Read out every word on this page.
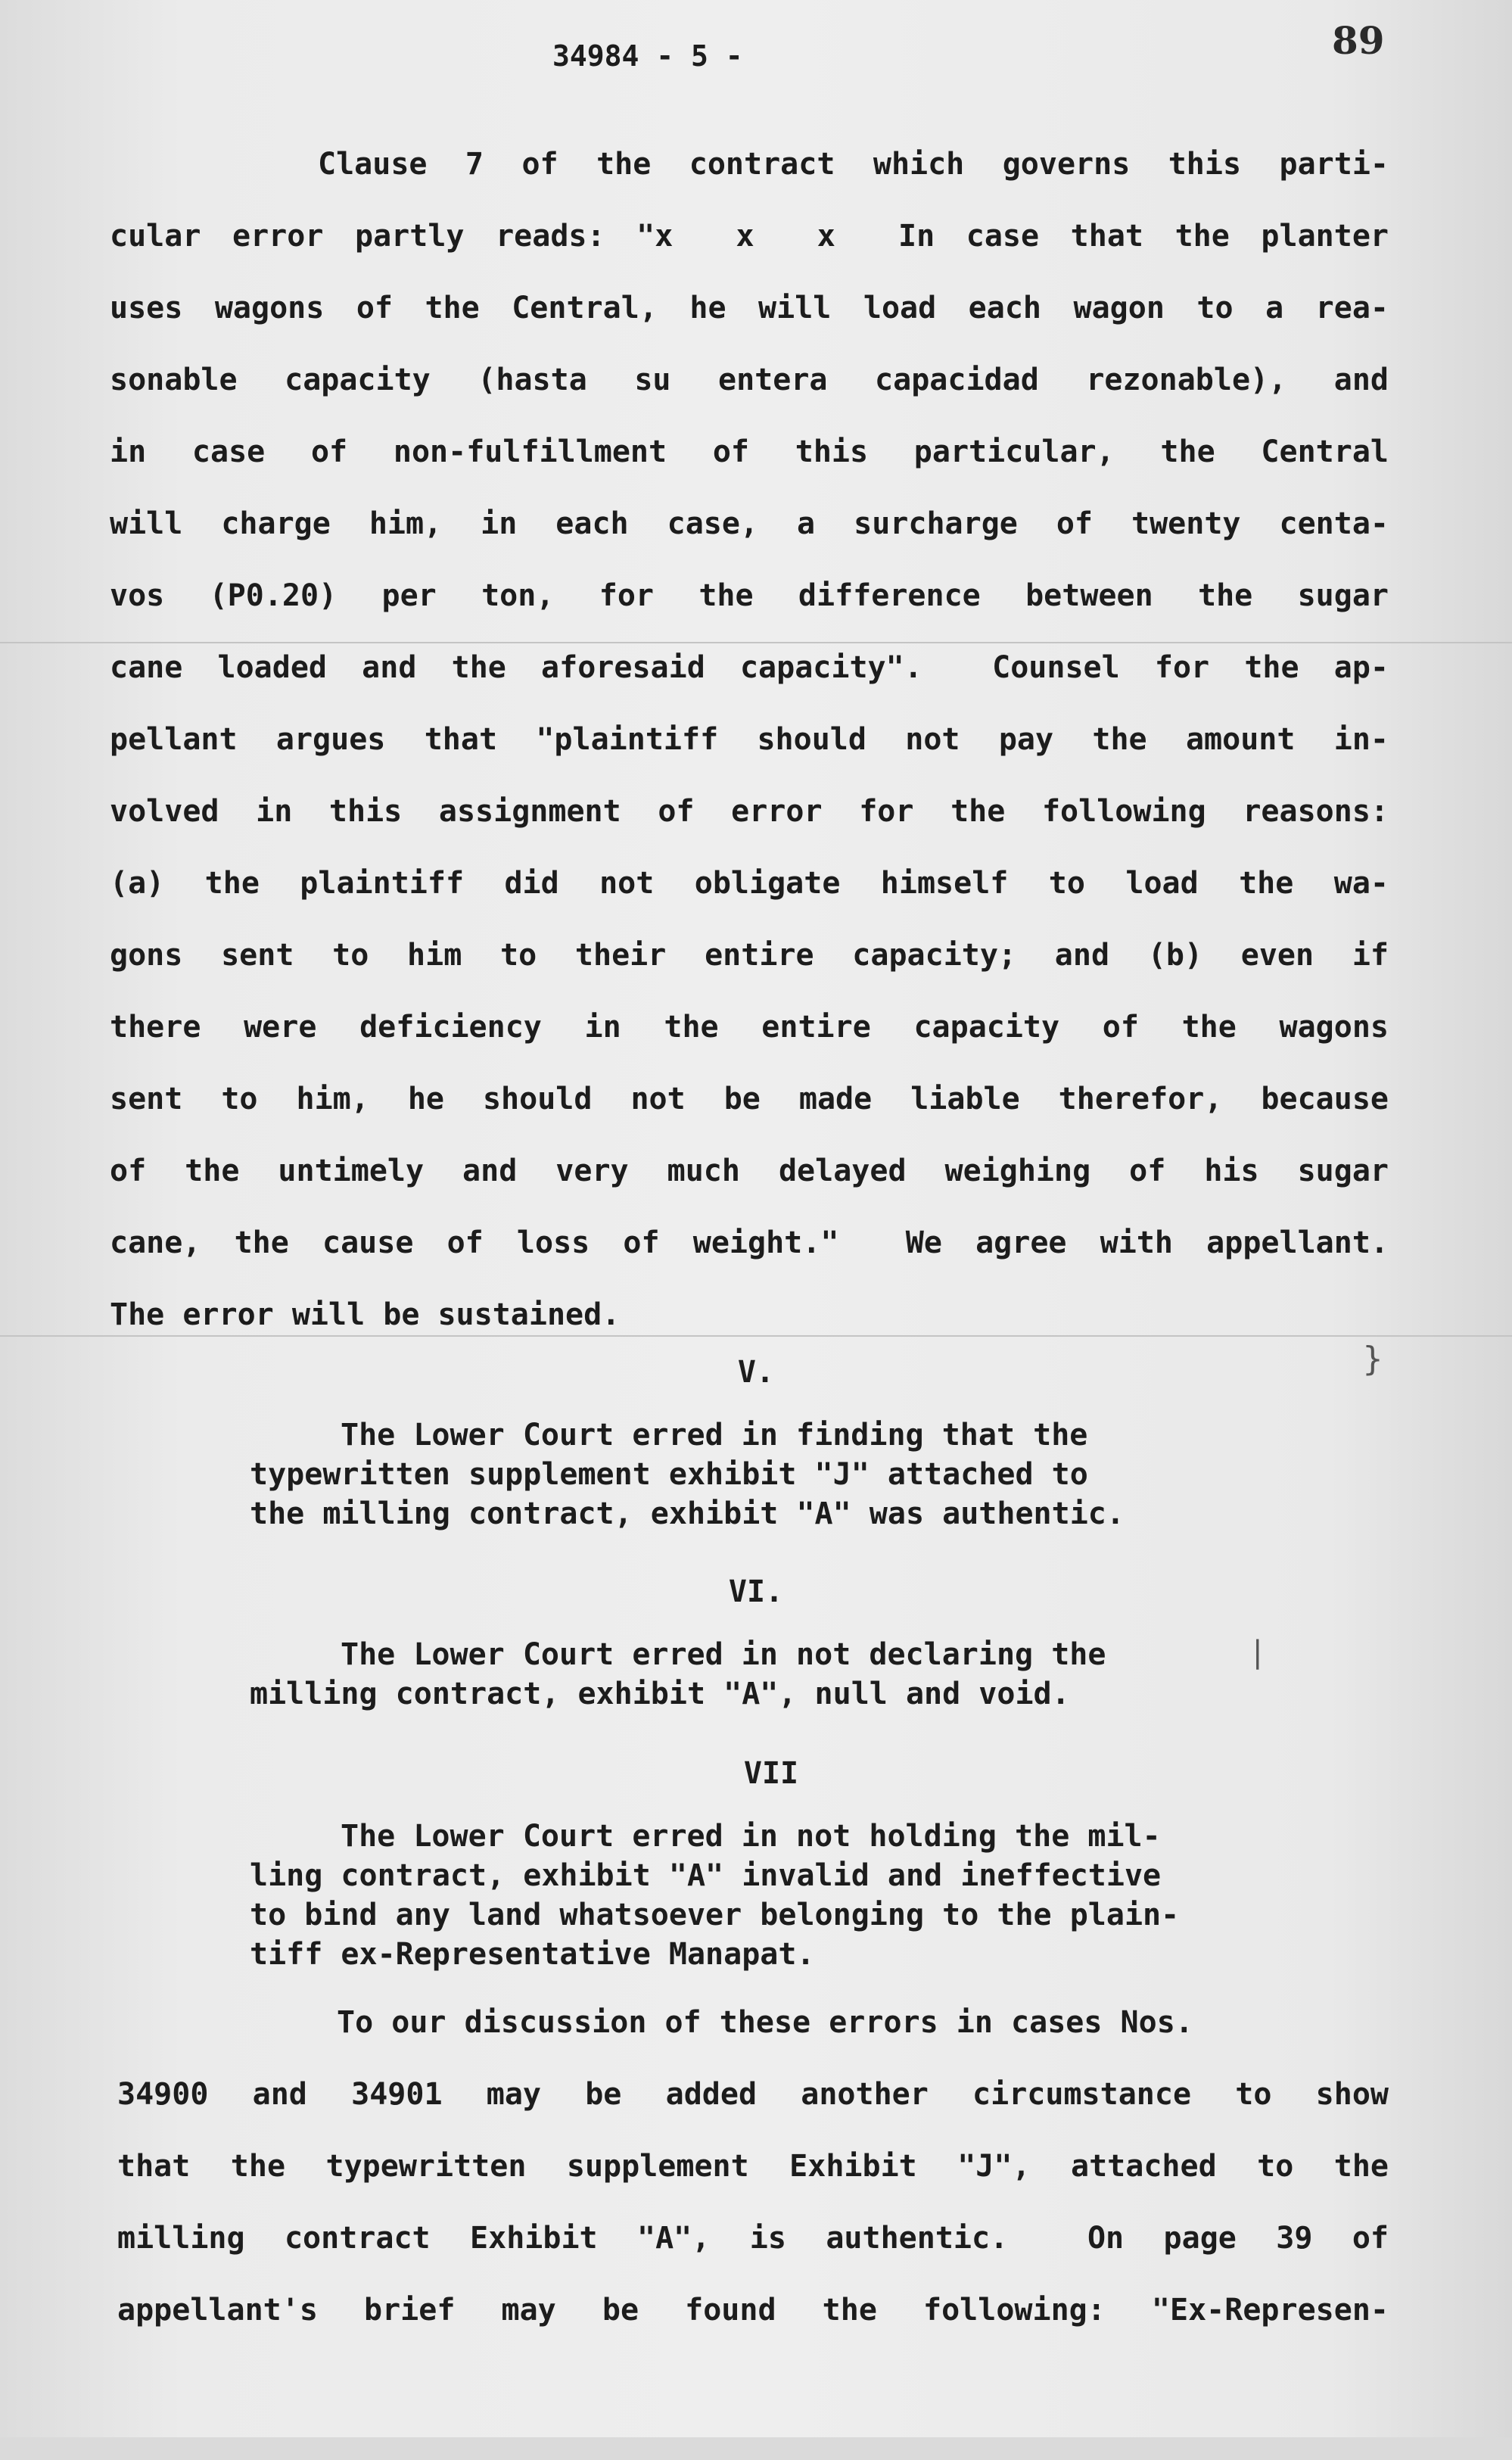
34984 - 5 -	89
Clause 7 of the contract which governs this parti-
cular error partly reads: "x  x  x  In case that the planter
uses wagons of the Central, he will load each wagon to a rea-
sonable capacity (hasta su entera capacidad rezonable), and
in case of non-fulfillment of this particular, the Central
will charge him, in each case, a surcharge of twenty centa-
vos (P0.20) per ton, for the difference between the sugar
cane loaded and the aforesaid capacity".  Counsel for the ap-
pellant argues that "plaintiff should not pay the amount in-
volved in this assignment of error for the following reasons:
(a) the plaintiff did not obligate himself to load the wa-
gons sent to him to their entire capacity; and (b) even if
there were deficiency in the entire capacity of the wagons
sent to him, he should not be made liable therefor, because
of the untimely and very much delayed weighing of his sugar
cane, the cause of loss of weight."  We agree with appellant.
The error will be sustained.
V.
The Lower Court erred in finding that the
typewritten supplement exhibit "J" attached to
the milling contract, exhibit "A" was authentic.
VI.
The Lower Court erred in not declaring the
milling contract, exhibit "A", null and void.
VII
The Lower Court erred in not holding the mil-
ling contract, exhibit "A" invalid and ineffective
to bind any land whatsoever belonging to the plain-
tiff ex-Representative Manapat.
To our discussion of these errors in cases Nos.
34900 and 34901 may be added another circumstance to show
that the typewritten supplement Exhibit "J", attached to the
milling contract Exhibit "A", is authentic.  On page 39 of
appellant's brief may be found the following: "Ex-Represen-
}
|
